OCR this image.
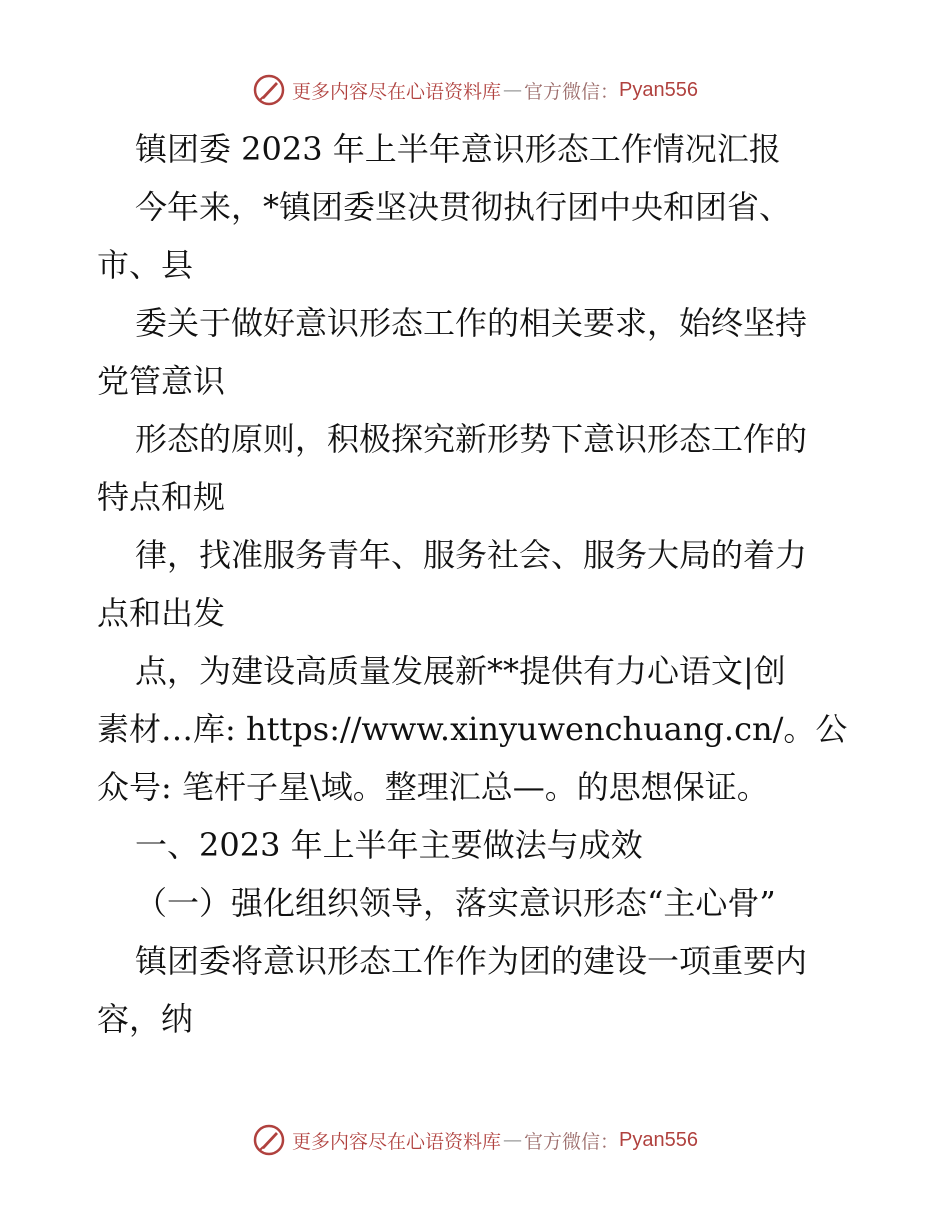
更多内容尽在心语资料库 — 官方微信： Pyan556
镇团委 2023 年上半年意识形态工作情况汇报
今年来，*镇团委坚决贯彻执行团中央和团省、
市、县
委关于做好意识形态工作的相关要求，始终坚持
党管意识
形态的原则，积极探究新形势下意识形态工作的
特点和规
律，找准服务青年、服务社会、服务大局的着力
点和出发
点，为建设高质量发展新**提供有力心语文|创
素材…库: https://www.xinyuwenchuang.cn/。公
众号: 笔杆子星\域。整理汇总—。的思想保证。
一、2023 年上半年主要做法与成效
（一）强化组织领导，落实意识形态“主心骨”
镇团委将意识形态工作作为团的建设一项重要内
容，纳
更多内容尽在心语资料库 — 官方微信： Pyan556
